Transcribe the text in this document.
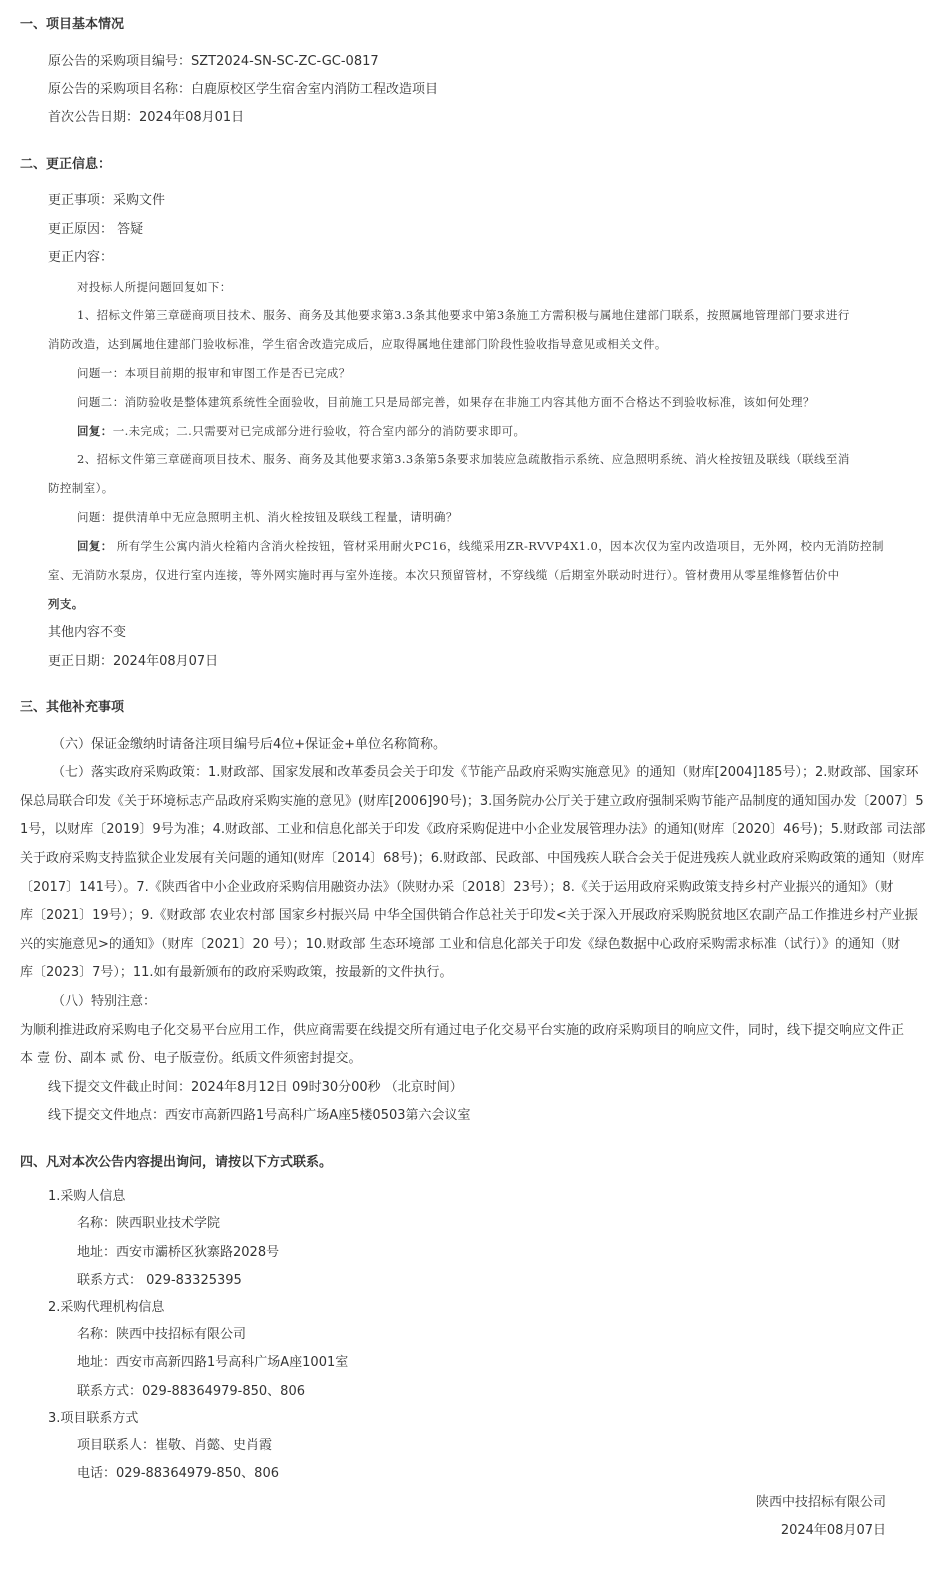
一、项目基本情况
原公告的采购项目编号：SZT2024-SN-SC-ZC-GC-0817
原公告的采购项目名称：白鹿原校区学生宿舍室内消防工程改造项目
首次公告日期：2024年08月01日
二、更正信息：
更正事项：采购文件
更正原因： 答疑
更正内容：
对投标人所提问题回复如下：
1、招标文件第三章磋商项目技术、服务、商务及其他要求第3.3条其他要求中第3条施工方需积极与属地住建部门联系，按照属地管理部门要求进行
消防改造，达到属地住建部门验收标准，学生宿舍改造完成后，应取得属地住建部门阶段性验收指导意见或相关文件。
问题一：本项目前期的报审和审图工作是否已完成？
问题二：消防验收是整体建筑系统性全面验收，目前施工只是局部完善，如果存在非施工内容其他方面不合格达不到验收标准，该如何处理？
回复：一.未完成；二.只需要对已完成部分进行验收，符合室内部分的消防要求即可。
2、招标文件第三章磋商项目技术、服务、商务及其他要求第3.3条第5条要求加装应急疏散指示系统、应急照明系统、消火栓按钮及联线（联线至消
防控制室）。
问题：提供清单中无应急照明主机、消火栓按钮及联线工程量，请明确？
回复： 所有学生公寓内消火栓箱内含消火栓按钮，管材采用耐火PC16，线缆采用ZR-RVVP4X1.0，因本次仅为室内改造项目，无外网，校内无消防控制
室、无消防水泵房，仅进行室内连接，等外网实施时再与室外连接。本次只预留管材，不穿线缆（后期室外联动时进行）。管材费用从零星维修暂估价中
列支。
其他内容不变
更正日期：2024年08月07日
三、其他补充事项
（六）保证金缴纳时请备注项目编号后4位+保证金+单位名称简称。
（七）落实政府采购政策：1.财政部、国家发展和改革委员会关于印发《节能产品政府采购实施意见》的通知（财库[2004]185号）；2.财政部、国家环
保总局联合印发《关于环境标志产品政府采购实施的意见》(财库[2006]90号)；3.国务院办公厅关于建立政府强制采购节能产品制度的通知国办发〔2007〕5
1号，以财库〔2019〕9号为准；4.财政部、工业和信息化部关于印发《政府采购促进中小企业发展管理办法》的通知(财库〔2020〕46号)；5.财政部 司法部
关于政府采购支持监狱企业发展有关问题的通知(财库〔2014〕68号)；6.财政部、民政部、中国残疾人联合会关于促进残疾人就业政府采购政策的通知（财库
〔2017〕141号）。7.《陕西省中小企业政府采购信用融资办法》（陕财办采〔2018〕23号）；8.《关于运用政府采购政策支持乡村产业振兴的通知》（财
库〔2021〕19号）；9.《财政部 农业农村部 国家乡村振兴局 中华全国供销合作总社关于印发<关于深入开展政府采购脱贫地区农副产品工作推进乡村产业振
兴的实施意见>的通知》（财库〔2021〕20 号）；10.财政部 生态环境部 工业和信息化部关于印发《绿色数据中心政府采购需求标准（试行）》的通知（财
库〔2023〕7号）；11.如有最新颁布的政府采购政策，按最新的文件执行。
（八）特别注意：
为顺利推进政府采购电子化交易平台应用工作，供应商需要在线提交所有通过电子化交易平台实施的政府采购项目的响应文件，同时，线下提交响应文件正
本 壹 份、副本 贰 份、电子版壹份。纸质文件须密封提交。
线下提交文件截止时间：2024年8月12日 09时30分00秒 （北京时间）
线下提交文件地点：西安市高新四路1号高科广场A座5楼0503第六会议室
四、凡对本次公告内容提出询问，请按以下方式联系。
1.采购人信息
名称：陕西职业技术学院
地址：西安市灞桥区狄寨路2028号
联系方式： 029-83325395
2.采购代理机构信息
名称：陕西中技招标有限公司
地址：西安市高新四路1号高科广场A座1001室
联系方式：029-88364979-850、806
3.项目联系方式
项目联系人：崔敬、肖懿、史肖霞
电话：029-88364979-850、806
陕西中技招标有限公司
2024年08月07日
